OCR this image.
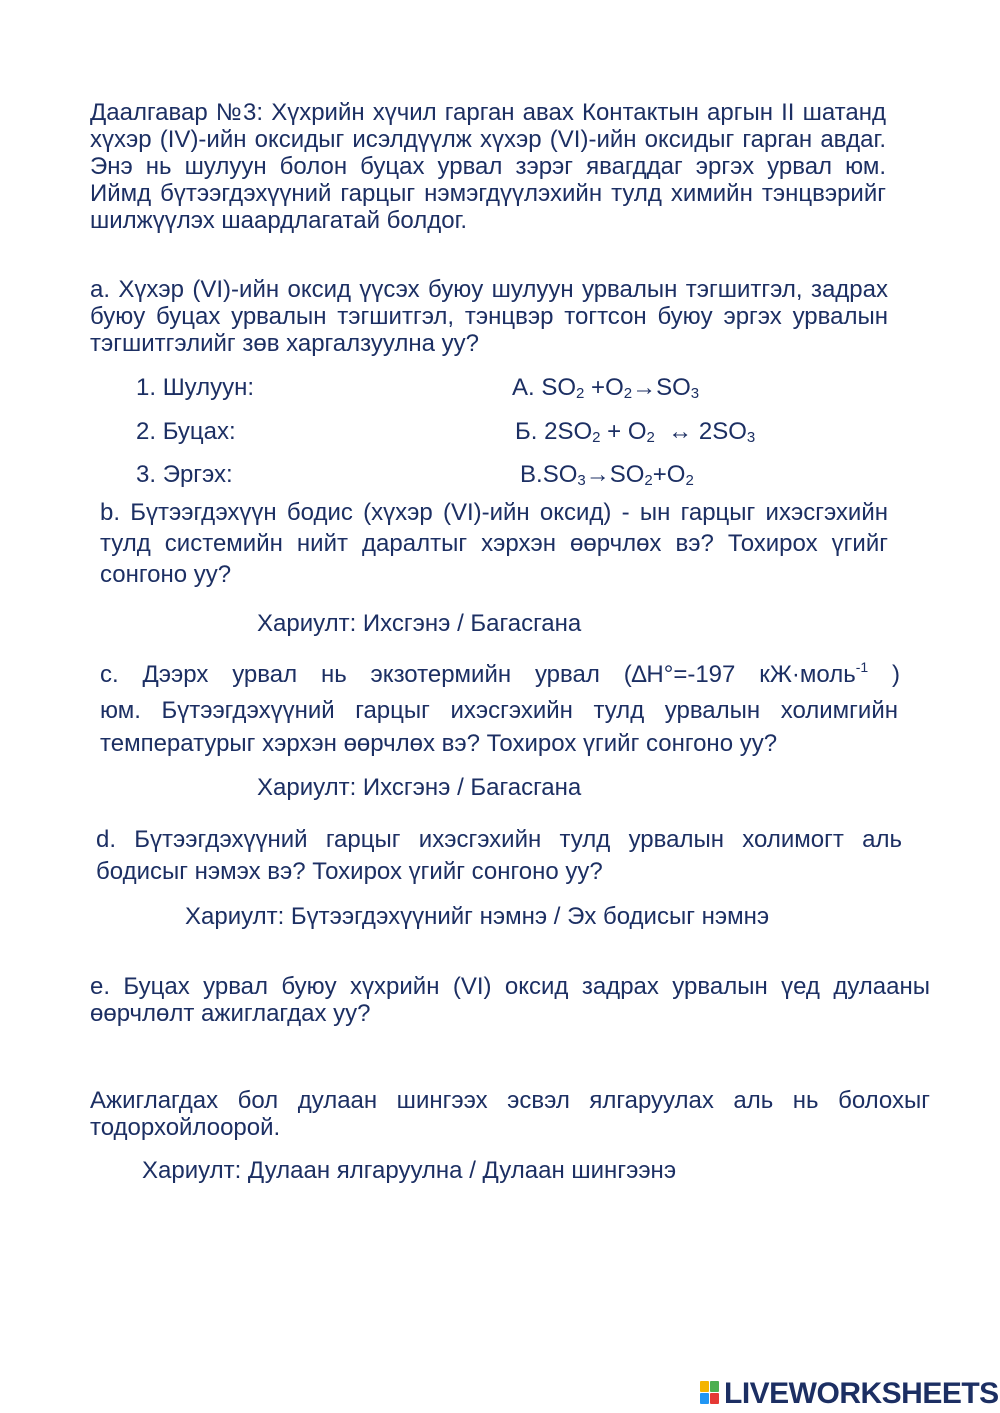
Даалгавар №3: Хүхрийн хүчил гарган авах Контактын аргын II шатанд хүхэр (IV)-ийн оксидыг исэлдүүлж хүхэр (VI)-ийн оксидыг гарган авдаг. Энэ нь шулуун болон буцах урвал зэрэг явагддаг эргэх урвал юм. Иймд бүтээгдэхүүний гарцыг нэмэгдүүлэхийн тулд химийн тэнцвэрийг шилжүүлэх шаардлагатай болдог.
a. Хүхэр (VI)-ийн оксид үүсэх буюу шулуун урвалын тэгшитгэл, задрах буюу буцах урвалын тэгшитгэл, тэнцвэр тогтсон буюу эргэх урвалын тэгшитгэлийг зөв харгалзуулна уу?
1. Шулуун:
2. Буцах:
3. Эргэх:
А. $SO_2 +O_2\to SO_3$
Б. $2SO_2 + O_2$  ↔ $2SO_3$
$В.SO_3\to SO_2+O_2$
b. Бүтээгдэхүүн бодис (хүхэр (VI)-ийн оксид) - ын гарцыг ихэсгэхийн тулд системийн нийт даралтыг хэрхэн өөрчлөх вэ? Тохирох үгийг сонгоно уу?
Хариулт: Ихсгэнэ / Багасгана
c. Дээрх урвал нь экзотермийн урвал (∆H°=-197 кЖ·моль$^{-1}$ )
юм. Бүтээгдэхүүний гарцыг ихэсгэхийн тулд урвалын холимгийн температурыг хэрхэн өөрчлөх вэ? Тохирох үгийг сонгоно уу?
Хариулт: Ихсгэнэ / Багасгана
d. Бүтээгдэхүүний гарцыг ихэсгэхийн тулд урвалын холимогт аль бодисыг нэмэх вэ? Тохирох үгийг сонгоно уу?
Хариулт: Бүтээгдэхүүнийг нэмнэ / Эх бодисыг нэмнэ
e. Буцах урвал буюу хүхрийн (VI) оксид задрах урвалын үед дулааны өөрчлөлт ажиглагдах уу?
Ажиглагдах бол дулаан шингээх эсвэл ялгаруулах аль нь болохыг тодорхойлоорой.
Хариулт: Дулаан ялгаруулна / Дулаан шингээнэ
LIVEWORKSHEETS
